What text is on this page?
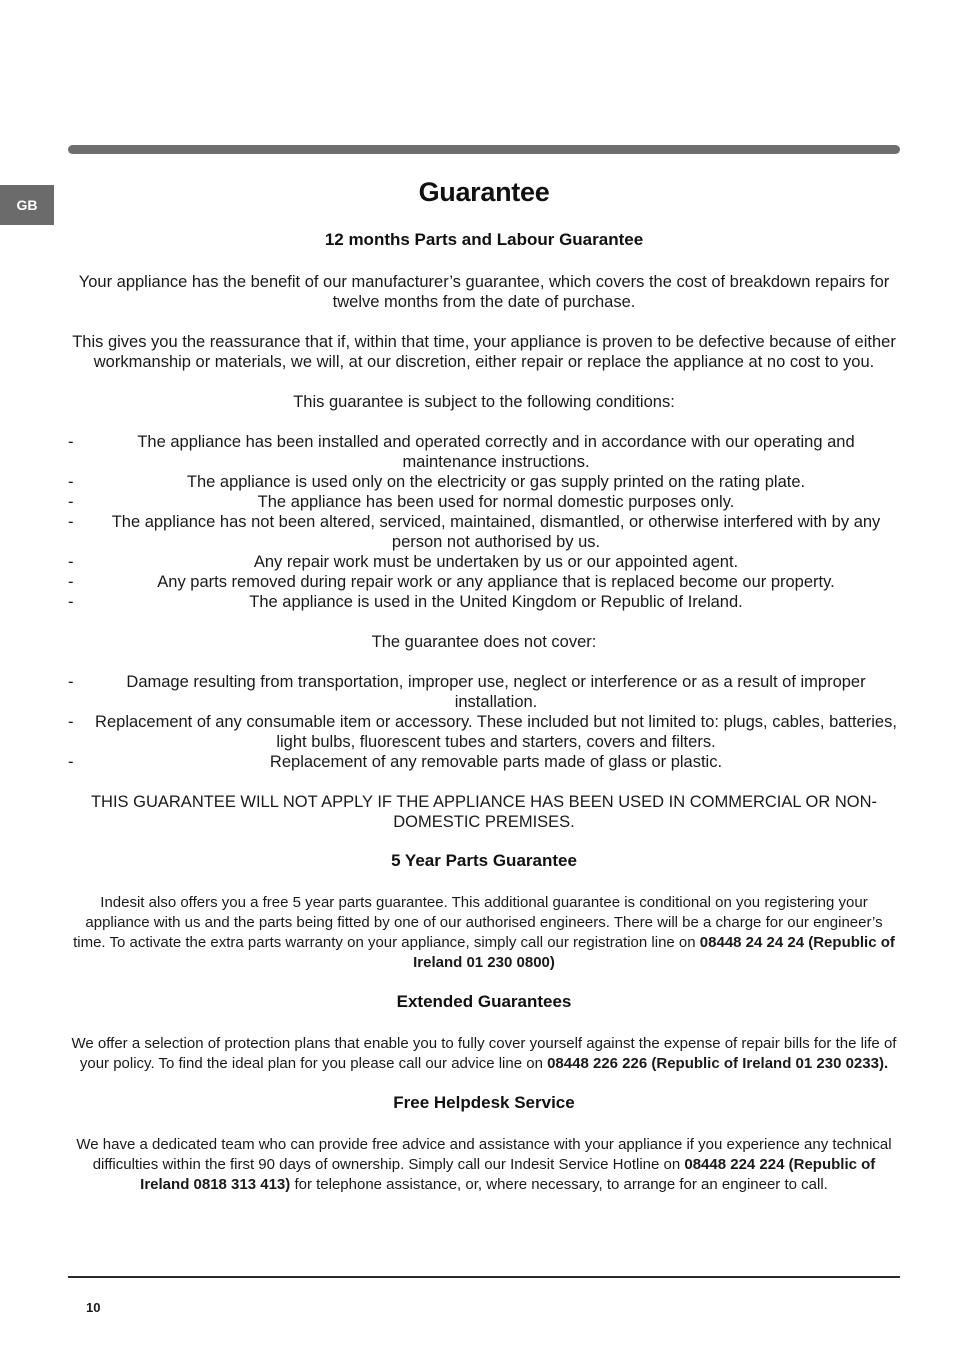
GB	Guarantee
12 months Parts and Labour Guarantee

Your appliance has the benefit of our manufacturer’s guarantee, which covers the cost of breakdown repairs for twelve months from the date of purchase.

This gives you the reassurance that if, within that time, your appliance is proven to be defective because of either workmanship or materials, we will, at our discretion, either repair or replace the appliance at no cost to you.

This guarantee is subject to the following conditions:

-	The appliance has been installed and operated correctly and in accordance with our operating and maintenance instructions.
-	The appliance is used only on the electricity or gas supply printed on the rating plate.
-	The appliance has been used for normal domestic purposes only.
- The appliance has not been altered, serviced, maintained, dismantled, or otherwise interfered with by any person not authorised by us.
-	Any repair work must be undertaken by us or our appointed agent.
-	Any parts removed during repair work or any appliance that is replaced become our property.
-	The appliance is used in the United Kingdom or Republic of Ireland.

The guarantee does not cover:

-	Damage resulting from transportation, improper use, neglect or interference or as a result of improper installation.
- Replacement of any consumable item or accessory. These included but not limited to: plugs, cables, batteries, light bulbs, fluorescent tubes and starters, covers and filters.
-	Replacement of any removable parts made of glass or plastic.

THIS GUARANTEE WILL NOT APPLY IF THE APPLIANCE HAS BEEN USED IN COMMERCIAL OR NON-DOMESTIC PREMISES.

5 Year Parts Guarantee

Indesit also offers you a free 5 year parts guarantee. This additional guarantee is conditional on you registering your appliance with us and the parts being fitted by one of our authorised engineers. There will be a charge for our engineer’s time. To activate the extra parts warranty on your appliance, simply call our registration line on 08448 24 24 24 (Republic of Ireland 01 230 0800)

Extended Guarantees

We offer a selection of protection plans that enable you to fully cover yourself against the expense of repair bills for the life of your policy. To find the ideal plan for you please call our advice line on 08448 226 226 (Republic of Ireland 01 230 0233).

Free Helpdesk Service

We have a dedicated team who can provide free advice and assistance with your appliance if you experience any technical difficulties within the first 90 days of ownership. Simply call our Indesit Service Hotline on 08448 224 224 (Republic of Ireland 0818 313 413) for telephone assistance, or, where necessary, to arrange for an engineer to call.

10
